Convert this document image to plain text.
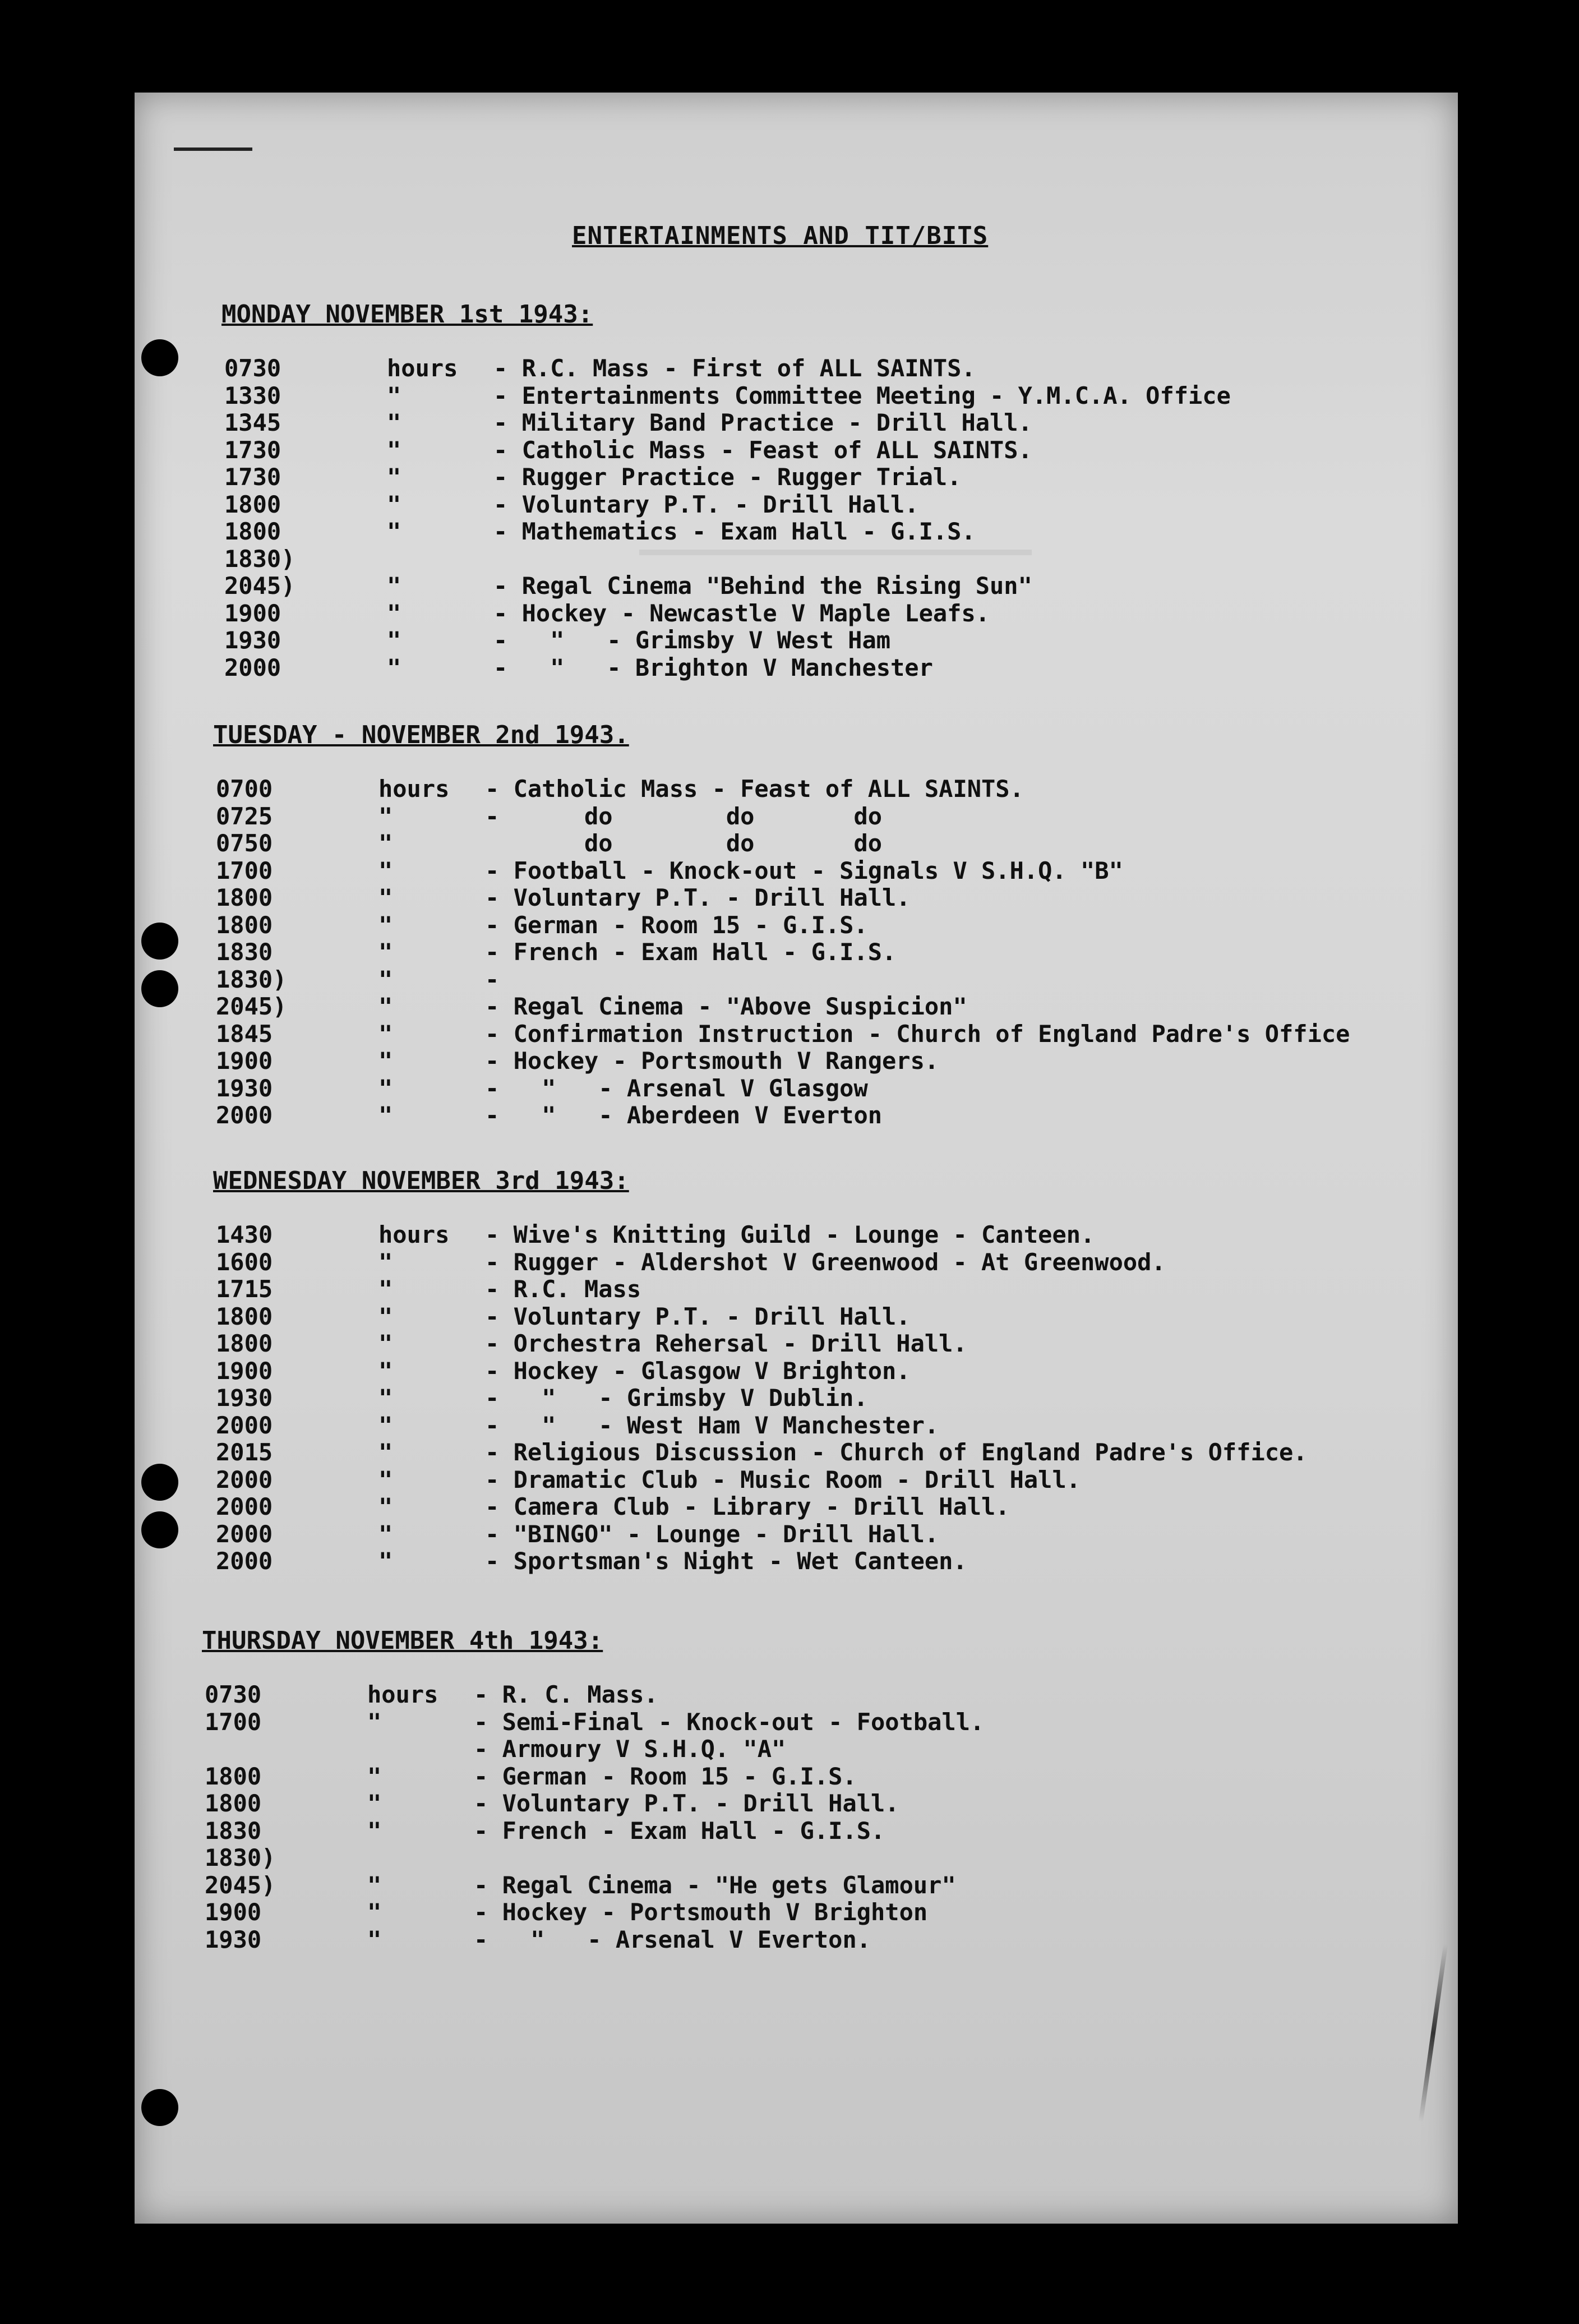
ENTERTAINMENTS AND TIT/BITS
MONDAY NOVEMBER 1st 1943:
0730	hours - R.C. Mass - First of ALL SAINTS.
1330	"	- Entertainments Committee Meeting - Y.M.C.A. Office
1345	"	- Military Band Practice - Drill Hall.
1730	"	- Catholic Mass - Feast of ALL SAINTS.
1730	"	- Rugger Practice - Rugger Trial.
1800	"	- Voluntary P.T. - Drill Hall.
1800	"	- Mathematics - Exam Hall - G.I.S.
1830)
2045)	"	- Regal Cinema "Behind the Rising Sun"
1900	"	- Hockey - Newcastle V Maple Leafs.
1930	"	-   "   - Grimsby V West Ham
2000	"	-   "   - Brighton V Manchester
TUESDAY - NOVEMBER 2nd 1943.
0700	hours - Catholic Mass - Feast of ALL SAINTS.
0725	"	-      do        do       do
0750	"	do        do       do
1700	"	- Football - Knock-out - Signals V S.H.Q. "B"
1800	"	- Voluntary P.T. - Drill Hall.
1800	"	- German - Room 15 - G.I.S.
1830	"	- French - Exam Hall - G.I.S.
1830)	"	-
2045)	"	- Regal Cinema - "Above Suspicion"
1845	"	- Confirmation Instruction - Church of England Padre's Office
1900	"	- Hockey - Portsmouth V Rangers.
1930	"	-   "   - Arsenal V Glasgow
2000	"	-   "   - Aberdeen V Everton
WEDNESDAY NOVEMBER 3rd 1943:
1430	hours - Wive's Knitting Guild - Lounge - Canteen.
1600	"	- Rugger - Aldershot V Greenwood - At Greenwood.
1715	"	- R.C. Mass
1800	"	- Voluntary P.T. - Drill Hall.
1800	"	- Orchestra Rehersal - Drill Hall.
1900	"	- Hockey - Glasgow V Brighton.
1930	"	-   "   - Grimsby V Dublin.
2000	"	-   "   - West Ham V Manchester.
2015	"	- Religious Discussion - Church of England Padre's Office.
2000	"	- Dramatic Club - Music Room - Drill Hall.
2000	"	- Camera Club - Library - Drill Hall.
2000	"	- "BINGO" - Lounge - Drill Hall.
2000	"	- Sportsman's Night - Wet Canteen.
THURSDAY NOVEMBER 4th 1943:
0730	hours - R. C. Mass.
1700	"	- Semi-Final - Knock-out - Football.
- Armoury V S.H.Q. "A"
1800	"	- German - Room 15 - G.I.S.
1800	"	- Voluntary P.T. - Drill Hall.
1830	"	- French - Exam Hall - G.I.S.
1830)
2045)	"	- Regal Cinema - "He gets Glamour"
1900	"	- Hockey - Portsmouth V Brighton
1930	"	-   "   - Arsenal V Everton.
